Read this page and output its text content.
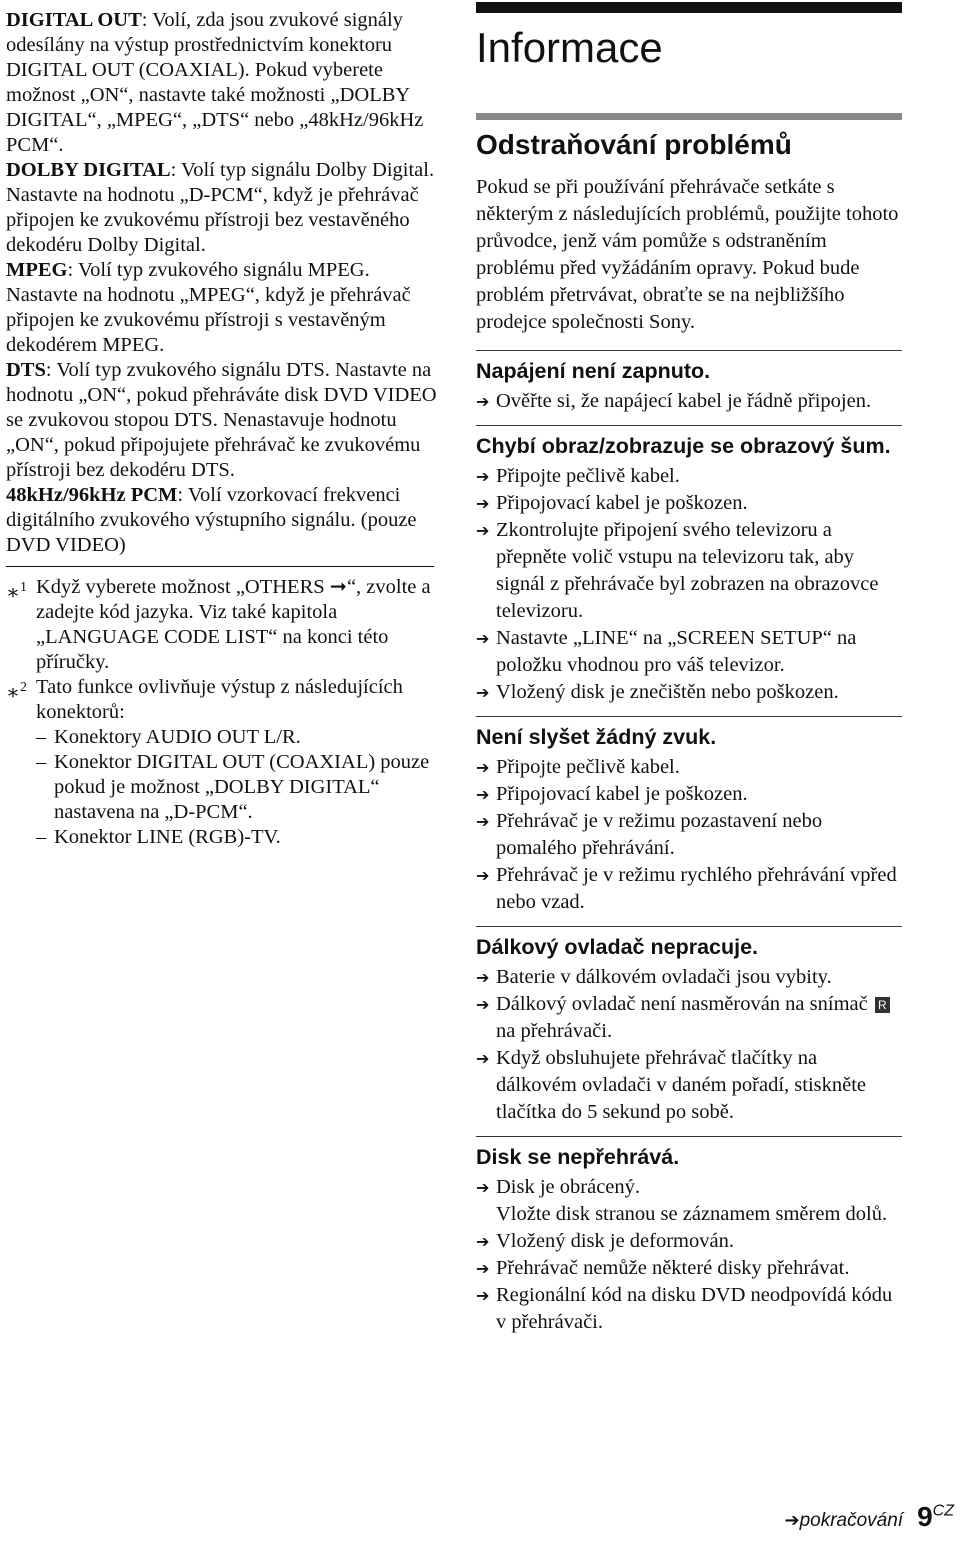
DIGITAL OUT: Volí, zda jsou zvukové signály odesílány na výstup prostřednictvím konektoru DIGITAL OUT (COAXIAL). Pokud vyberete možnost „ON“, nastavte také možnosti „DOLBY DIGITAL“, „MPEG“, „DTS“ nebo „48kHz/96kHz PCM“.

DOLBY DIGITAL: Volí typ signálu Dolby Digital. Nastavte na hodnotu „D-PCM“, když je přehrávač připojen ke zvukovému přístroji bez vestavěného dekodéru Dolby Digital.

MPEG: Volí typ zvukového signálu MPEG. Nastavte na hodnotu „MPEG“, když je přehrávač připojen ke zvukovému přístroji s vestavěným dekodérem MPEG.

DTS: Volí typ zvukového signálu DTS. Nastavte na hodnotu „ON“, pokud přehráváte disk DVD VIDEO se zvukovou stopou DTS. Nenastavuje hodnotu „ON“, pokud připojujete přehrávač ke zvukovému přístroji bez dekodéru DTS.

48kHz/96kHz PCM: Volí vzorkovací frekvenci digitálního zvukového výstupního signálu. (pouze DVD VIDEO)

∗$^1$ Když vyberete možnost „OTHERS ➞“, zvolte a zadejte kód jazyka. Viz také kapitola „LANGUAGE CODE LIST“ na konci této příručky.
∗$^2$ Tato funkce ovlivňuje výstup z následujících konektorů:
– Konektory AUDIO OUT L/R.
– Konektor DIGITAL OUT (COAXIAL) pouze pokud je možnost „DOLBY DIGITAL“ nastavena na „D-PCM“.
– Konektor LINE (RGB)-TV.
Informace
Odstraňování problémů

Pokud se při používání přehrávače setkáte s některým z následujících problémů, použijte tohoto průvodce, jenž vám pomůže s odstraněním problému před vyžádáním opravy. Pokud bude problém přetrvávat, obraťte se na nejbližšího prodejce společnosti Sony.

Napájení není zapnuto.
➔ Ověřte si, že napájecí kabel je řádně připojen.
Chybí obraz/zobrazuje se obrazový šum.
➔ Připojte pečlivě kabel.
➔ Připojovací kabel je poškozen.
➔ Zkontrolujte připojení svého televizoru a přepněte volič vstupu na televizoru tak, aby signál z přehrávače byl zobrazen na obrazovce televizoru.
➔ Nastavte „LINE“ na „SCREEN SETUP“ na položku vhodnou pro váš televizor.
➔ Vložený disk je znečištěn nebo poškozen.
Není slyšet žádný zvuk.
➔ Připojte pečlivě kabel.
➔ Připojovací kabel je poškozen.
➔ Přehrávač je v režimu pozastavení nebo pomalého přehrávání.
➔ Přehrávač je v režimu rychlého přehrávání vpřed nebo vzad.
Dálkový ovladač nepracuje.
➔ Baterie v dálkovém ovladači jsou vybity.
➔ Dálkový ovladač není nasměrován na snímač R na přehrávači.
➔ Když obsluhujete přehrávač tlačítky na dálkovém ovladači v daném pořadí, stiskněte tlačítka do 5 sekund po sobě.
Disk se nepřehrává.
➔ Disk je obrácený.
Vložte disk stranou se záznamem směrem dolů.
➔ Vložený disk je deformován.
➔ Přehrávač nemůže některé disky přehrávat.
➔ Regionální kód na disku DVD neodpovídá kódu v přehrávači.
➔pokračování $9^{CZ}$
